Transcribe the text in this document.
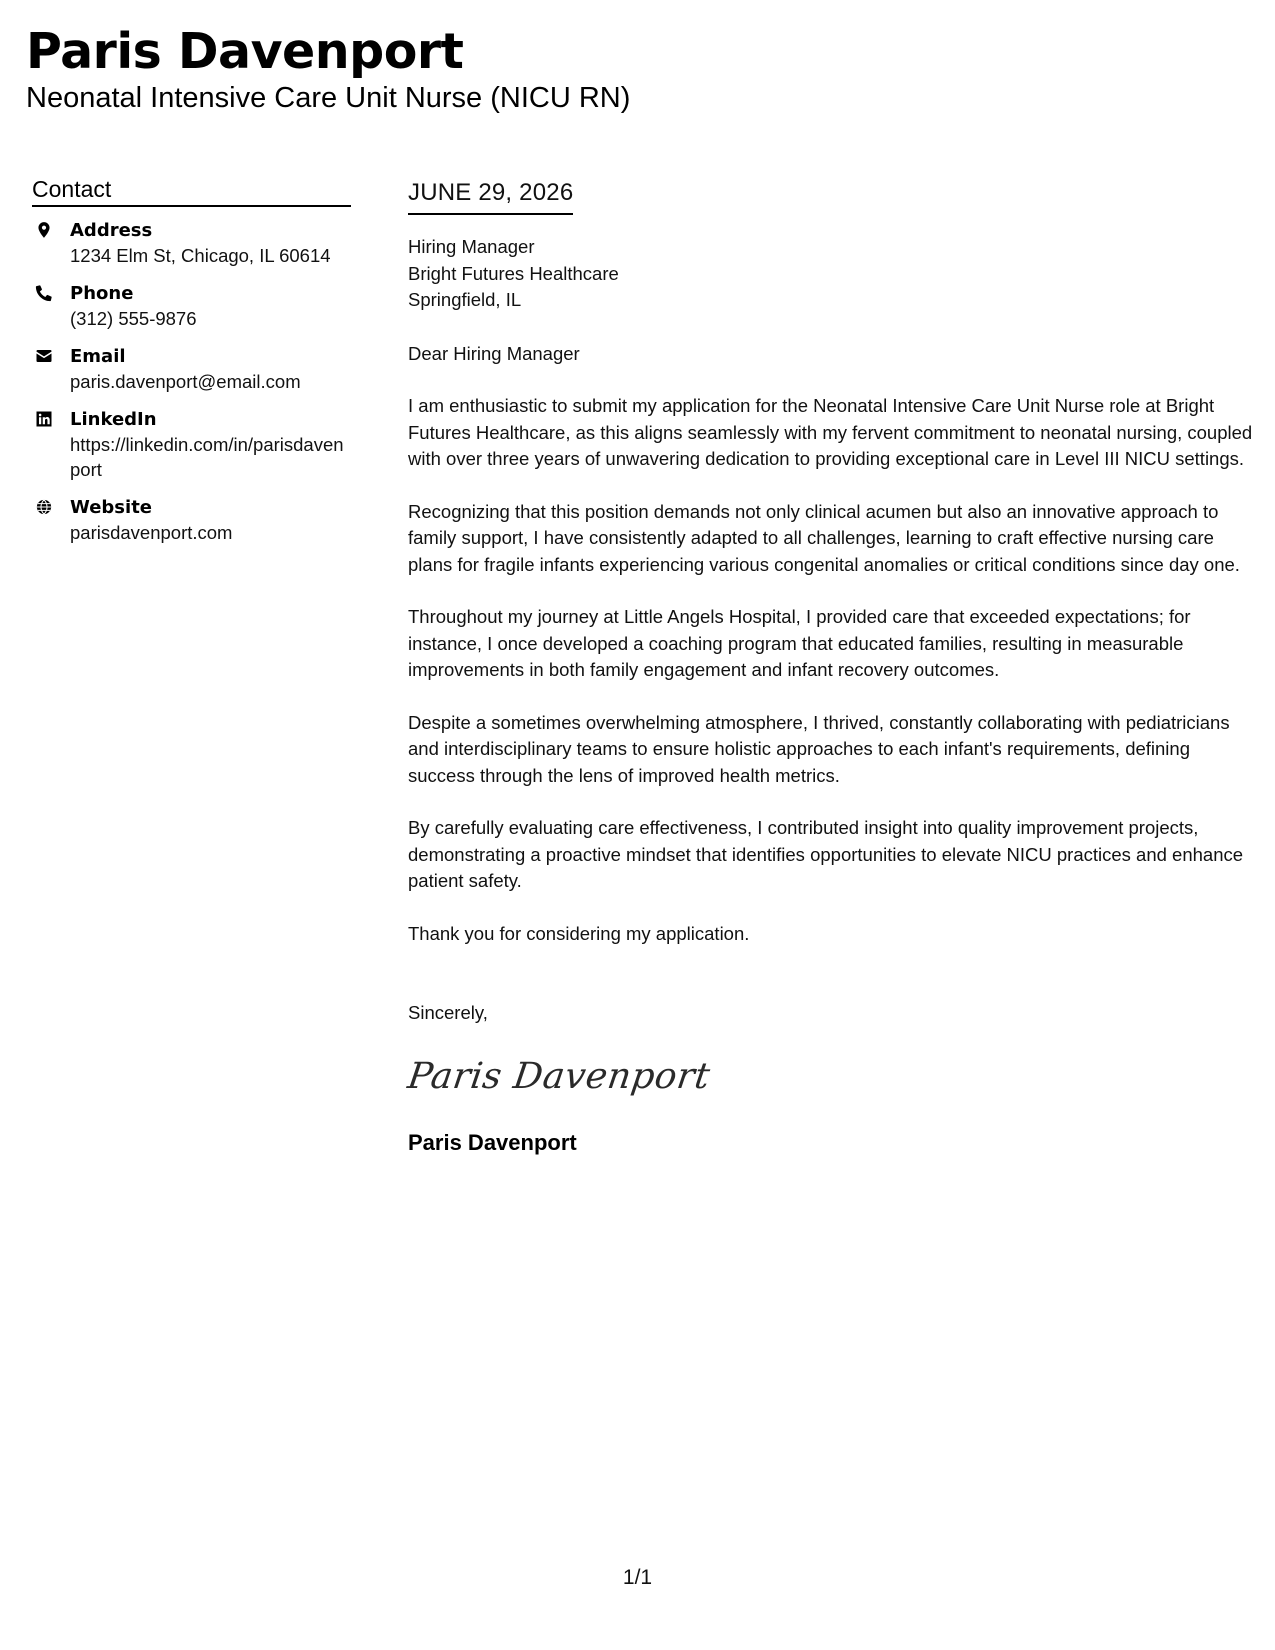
Paris Davenport
Neonatal Intensive Care Unit Nurse (NICU RN)
Contact
Address
1234 Elm St, Chicago, IL 60614
Phone
(312) 555-9876
Email
paris.davenport@email.com
LinkedIn
https://linkedin.com/in/parisdavenport
Website
parisdavenport.com
JUNE 29, 2026
Hiring Manager
Bright Futures Healthcare
Springfield, IL
Dear Hiring Manager
I am enthusiastic to submit my application for the Neonatal Intensive Care Unit Nurse role at Bright Futures Healthcare, as this aligns seamlessly with my fervent commitment to neonatal nursing, coupled with over three years of unwavering dedication to providing exceptional care in Level III NICU settings.
Recognizing that this position demands not only clinical acumen but also an innovative approach to family support, I have consistently adapted to all challenges, learning to craft effective nursing care plans for fragile infants experiencing various congenital anomalies or critical conditions since day one.
Throughout my journey at Little Angels Hospital, I provided care that exceeded expectations; for instance, I once developed a coaching program that educated families, resulting in measurable improvements in both family engagement and infant recovery outcomes.
Despite a sometimes overwhelming atmosphere, I thrived, constantly collaborating with pediatricians and interdisciplinary teams to ensure holistic approaches to each infant's requirements, defining success through the lens of improved health metrics.
By carefully evaluating care effectiveness, I contributed insight into quality improvement projects, demonstrating a proactive mindset that identifies opportunities to elevate NICU practices and enhance patient safety.
Thank you for considering my application.
Sincerely,
Paris Davenport
Paris Davenport
1/1
